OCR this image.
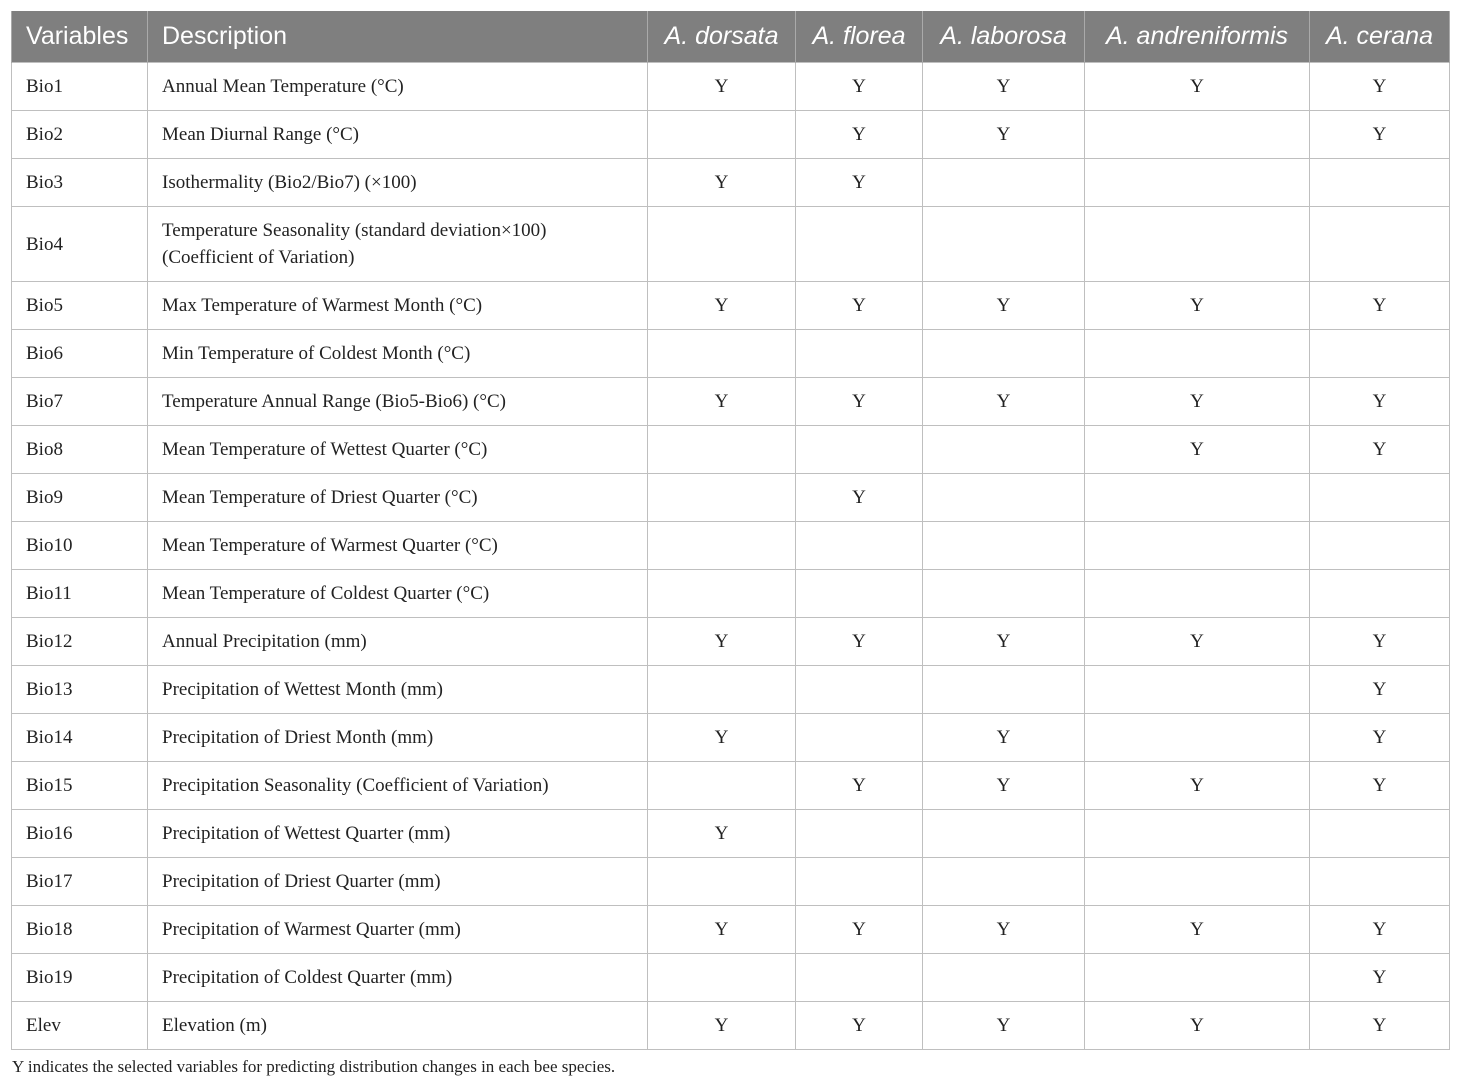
Variables	Description	A. dorsata	A. florea	A. laborosa	A. andreniformis	A. cerana
Bio1	Annual Mean Temperature (°C)	Y	Y	Y	Y	Y
Bio2	Mean Diurnal Range (°C)		Y	Y		Y
Bio3	Isothermality (Bio2/Bio7) (×100)	Y	Y			
Bio4	Temperature Seasonality (standard deviation×100) (Coefficient of Variation)					
Bio5	Max Temperature of Warmest Month (°C)	Y	Y	Y	Y	Y
Bio6	Min Temperature of Coldest Month (°C)					
Bio7	Temperature Annual Range (Bio5-Bio6) (°C)	Y	Y	Y	Y	Y
Bio8	Mean Temperature of Wettest Quarter (°C)				Y	Y
Bio9	Mean Temperature of Driest Quarter (°C)		Y			
Bio10	Mean Temperature of Warmest Quarter (°C)					
Bio11	Mean Temperature of Coldest Quarter (°C)					
Bio12	Annual Precipitation (mm)	Y	Y	Y	Y	Y
Bio13	Precipitation of Wettest Month (mm)					Y
Bio14	Precipitation of Driest Month (mm)	Y		Y		Y
Bio15	Precipitation Seasonality (Coefficient of Variation)		Y	Y	Y	Y
Bio16	Precipitation of Wettest Quarter (mm)	Y				
Bio17	Precipitation of Driest Quarter (mm)					
Bio18	Precipitation of Warmest Quarter (mm)	Y	Y	Y	Y	Y
Bio19	Precipitation of Coldest Quarter (mm)					Y
Elev	Elevation (m)	Y	Y	Y	Y	Y
Y indicates the selected variables for predicting distribution changes in each bee species.
